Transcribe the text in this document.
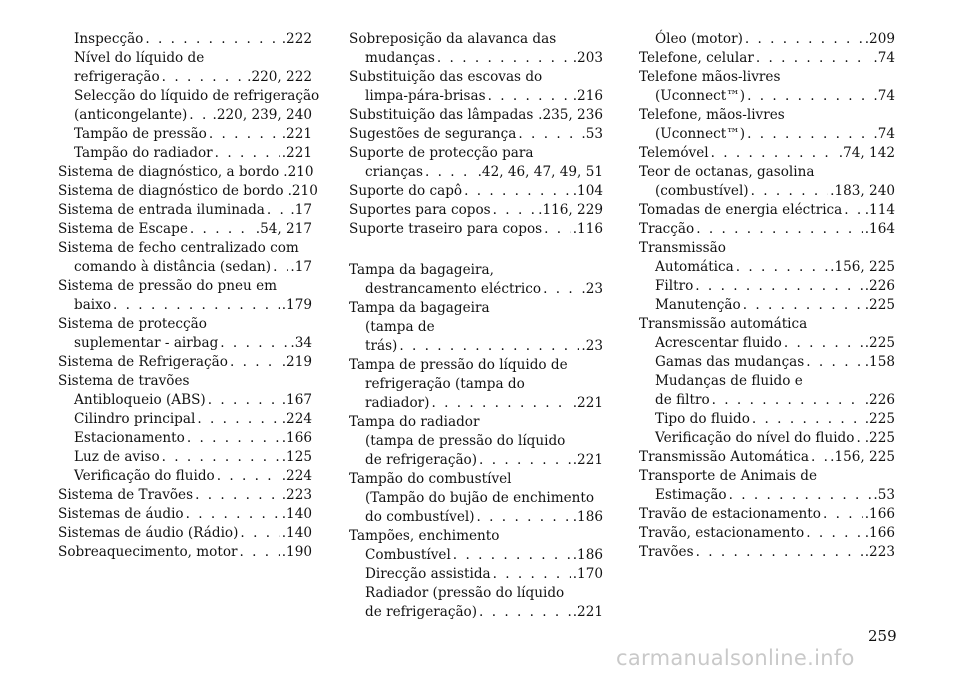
Inspecção . . .	.222
Nível do líquido de
refrigeração . . .	.220, 222
Selecção do líquido de refrigeração
(anticongelante) . . . .220, 239, 240
Tampão de pressão . . .	.221
Tampão do radiador . . .	.221
Sistema de diagnóstico, a bordo .210
Sistema de diagnóstico de bordo .210
Sistema de entrada iluminada . . . .17
Sistema de Escape . . .	.54, 217
Sistema de fecho centralizado com
comando à distância (sedan) . . . .17
Sistema de pressão do pneu em
baixo . . .	.179
Sistema de protecção
suplementar - airbag . . .	.34
Sistema de Refrigeração . . .	.219
Sistema de travões
Antibloqueio (ABS) . . .	.167
Cilindro principal . . .	.224
Estacionamento . . .	.166
Luz de aviso . . .	.125
Verificação do fluido . . .	.224
Sistema de Travões . . .	.223
Sistemas de áudio . . .	.140
Sistemas de áudio (Rádio) . . .	.140
Sobreaquecimento, motor . . .	.190
Sobreposição da alavanca das
mudanças . . .	.203
Substituição das escovas do
limpa-pára-brisas . . .	.216
Substituição das lâmpadas . . . .235, 236
Sugestões de segurança . . .	.53
Suporte de protecção para
crianças . . .	.42, 46, 47, 49, 51
Suporte do capô . . .	.104
Suportes para copos . . .	.116, 229
Suporte traseiro para copos . . . .116
Tampa da bagageira,
destrancamento eléctrico . . .	.23
Tampa da bagageira
(tampa de
trás) . . .	.23
Tampa de pressão do líquido de
refrigeração (tampa do
radiador) . . .	.221
Tampa do radiador
(tampa de pressão do líquido
de refrigeração) . . .	.221
Tampão do combustível
(Tampão do bujão de enchimento
do combustível) . . .	.186
Tampões, enchimento
Combustível . . .	.186
Direcção assistida . . .	.170
Radiador (pressão do líquido
de refrigeração) . . .	.221
Óleo (motor) . . .	.209
Telefone, celular . . .	.74
Telefone mãos-livres
(Uconnect™) . . .	.74
Telefone, mãos-livres
(Uconnect™) . . .	.74
Telemóvel . . .	.74, 142
Teor de octanas, gasolina
(combustível) . . .	.183, 240
Tomadas de energia eléctrica . . . .114
Tracção . . .	.164
Transmissão
Automática . . .	.156, 225
Filtro . . .	.226
Manutenção . . .	.225
Transmissão automática
Acrescentar fluido . . .	.225
Gamas das mudanças . . .	.158
Mudanças de fluido e
de filtro . . .	.226
Tipo do fluido . . .	.225
Verificação do nível do fluido . . . .225
Transmissão Automática . . . .156, 225
Transporte de Animais de
Estimação . . .	.53
Travão de estacionamento . . .	.166
Travão, estacionamento . . .	.166
Travões . . .	.223
259
carmanualsonline.info
